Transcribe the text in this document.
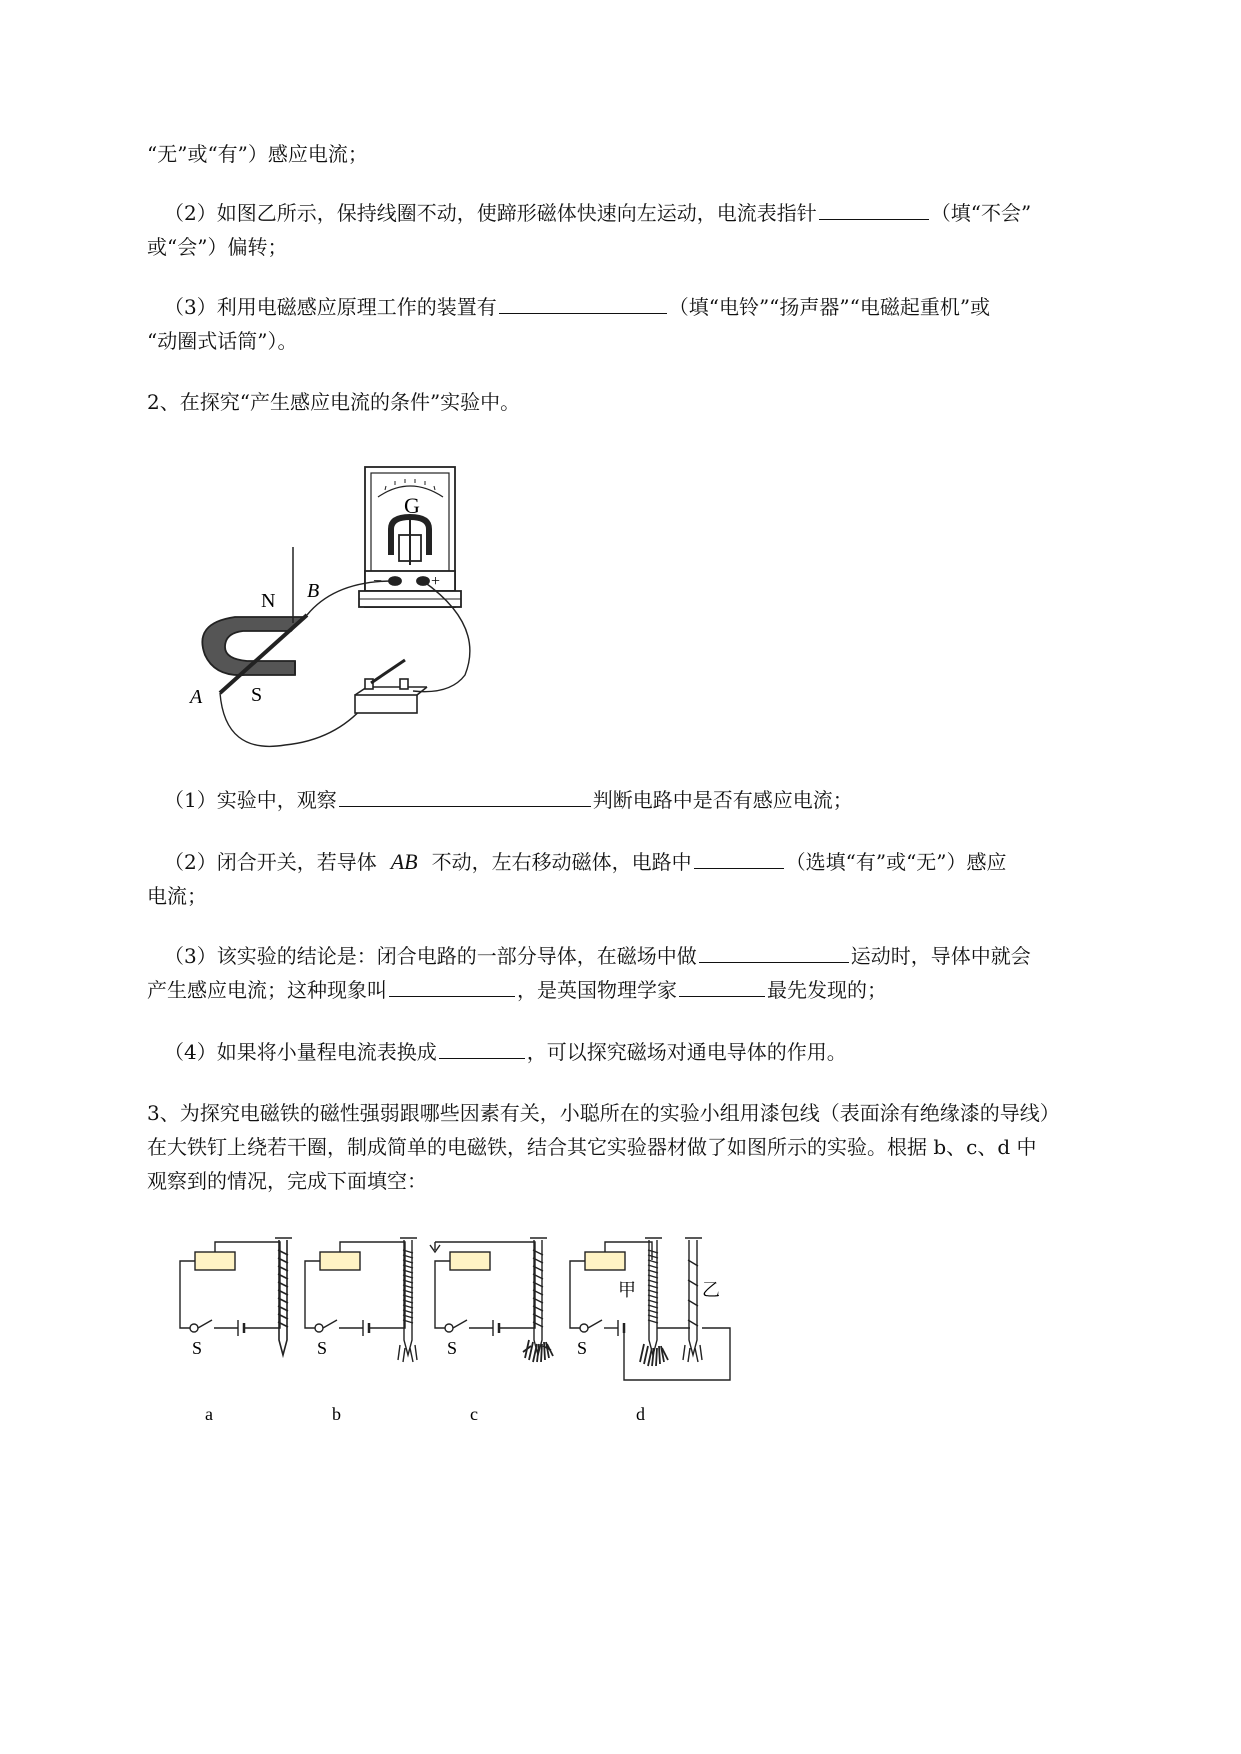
“无”或“有”）感应电流；
（2）如图乙所示，保持线圈不动，使蹄形磁体快速向左运动，电流表指针	（填“不会”
或“会”）偏转；
（3）利用电磁感应原理工作的装置有	（填“电铃”“扬声器”“电磁起重机”或
“动圈式话筒”）。
2、在探究“产生感应电流的条件”实验中。
G
−	+
N
S
B
A
（1）实验中，观察	判断电路中是否有感应电流；
（2）闭合开关，若导体 AB 不动，左右移动磁体，电路中	（选填“有”或“无”）感应
电流；
（3）该实验的结论是：闭合电路的一部分导体，在磁场中做	运动时，导体中就会
产生感应电流；这种现象叫	，是英国物理学家	最先发现的；
（4）如果将小量程电流表换成	，可以探究磁场对通电导体的作用。
3、为探究电磁铁的磁性强弱跟哪些因素有关，小聪所在的实验小组用漆包线（表面涂有绝缘漆的导线）
在大铁钉上绕若干圈，制成简单的电磁铁，结合其它实验器材做了如图所示的实验。根据 b、c、d 中
观察到的情况，完成下面填空：
S
a
S
b
S
c
S
甲	乙
d
